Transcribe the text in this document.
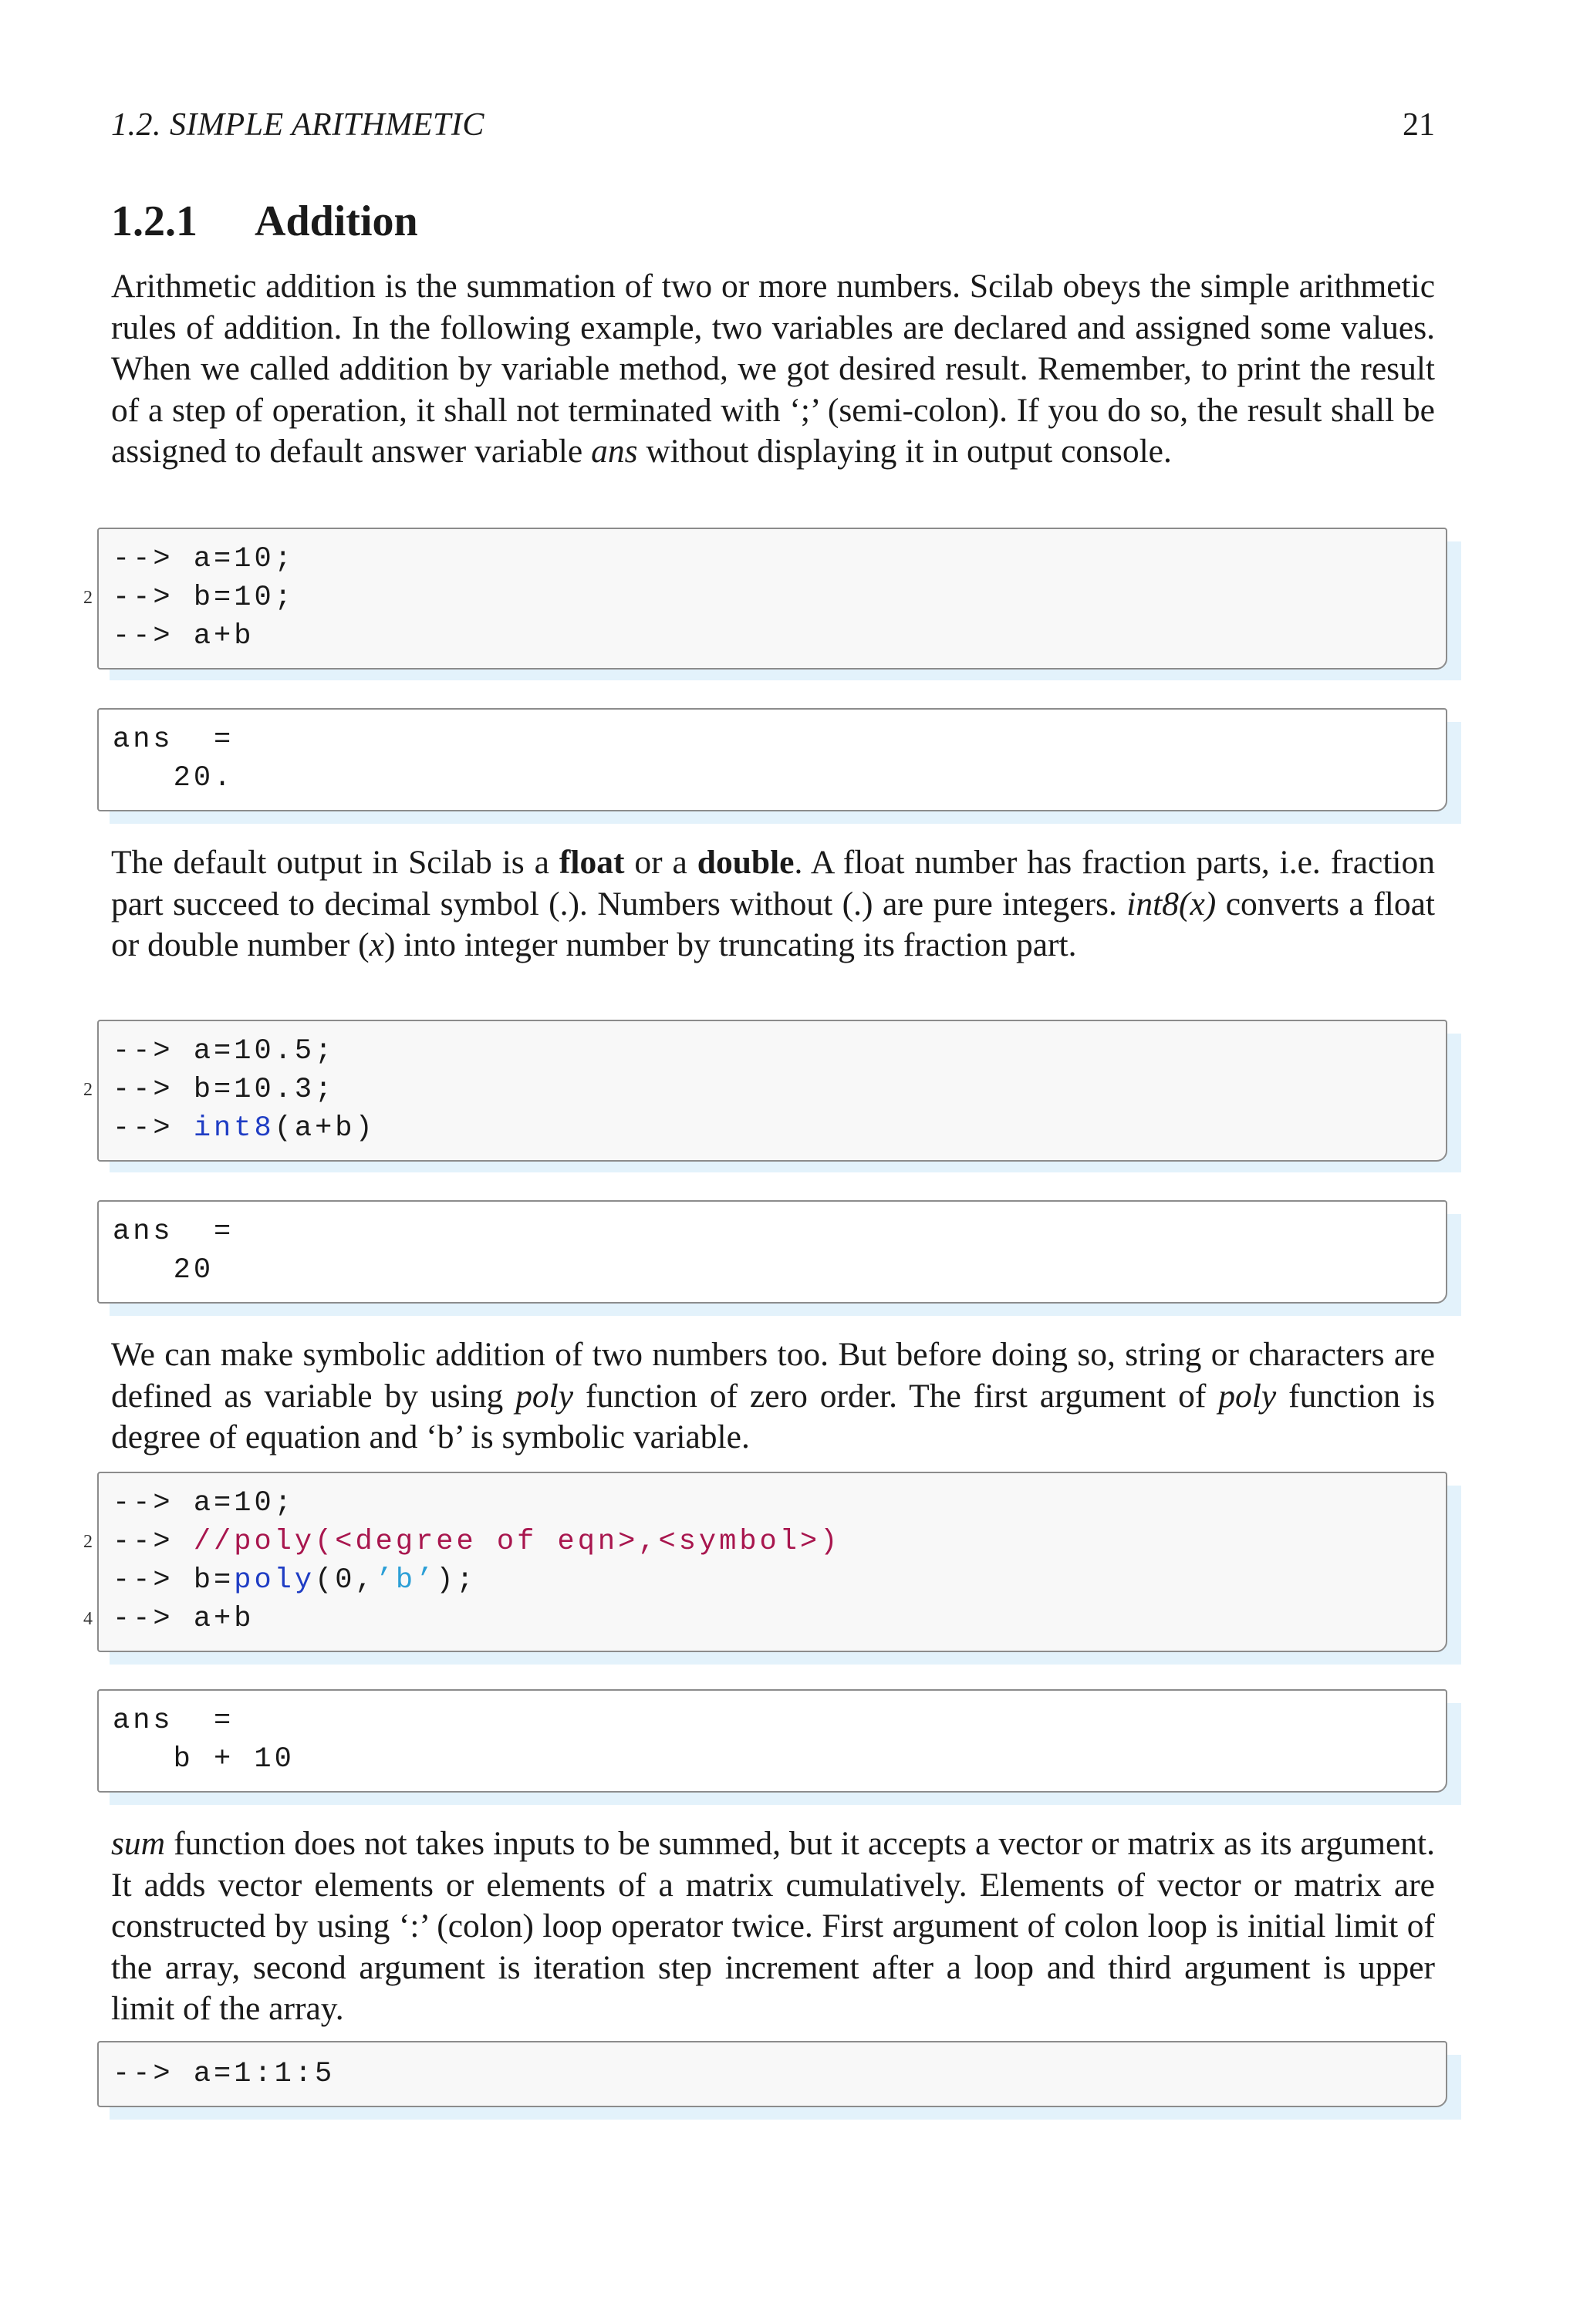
1.2. SIMPLE ARITHMETIC	21
1.2.1 Addition

Arithmetic addition is the summation of two or more numbers. Scilab obeys the simple arithmetic rules of addition. In the following example, two variables are declared and assigned some values. When we called addition by variable method, we got desired result. Remember, to print the result of a step of operation, it shall not terminated with ‘;’ (semi-colon). If you do so, the result shall be assigned to default answer variable ans without displaying it in output console.

--> a=10;
2 --> b=10;
--> a+b
ans  =
20.

The default output in Scilab is a float or a double. A float number has fraction parts, i.e. fraction part succeed to decimal symbol (.). Numbers without (.) are pure integers. int8(x) converts a float or double number (x) into integer number by truncating its fraction part.

--> a=10.5;
2 --> b=10.3;
--> int8(a+b)
ans  =
20

We can make symbolic addition of two numbers too. But before doing so, string or characters are defined as variable by using poly function of zero order. The first argument of poly function is degree of equation and ‘b’ is symbolic variable.

--> a=10;
2 --> //poly(<degree of eqn>,<symbol>)
--> b=poly(0,’b’);
4 --> a+b
ans  =
b + 10

sum function does not takes inputs to be summed, but it accepts a vector or matrix as its argument. It adds vector elements or elements of a matrix cumulatively. Elements of vector or matrix are constructed by using ‘:’ (colon) loop operator twice. First argument of colon loop is initial limit of the array, second argument is iteration step increment after a loop and third argument is upper limit of the array.

--> a=1:1:5
